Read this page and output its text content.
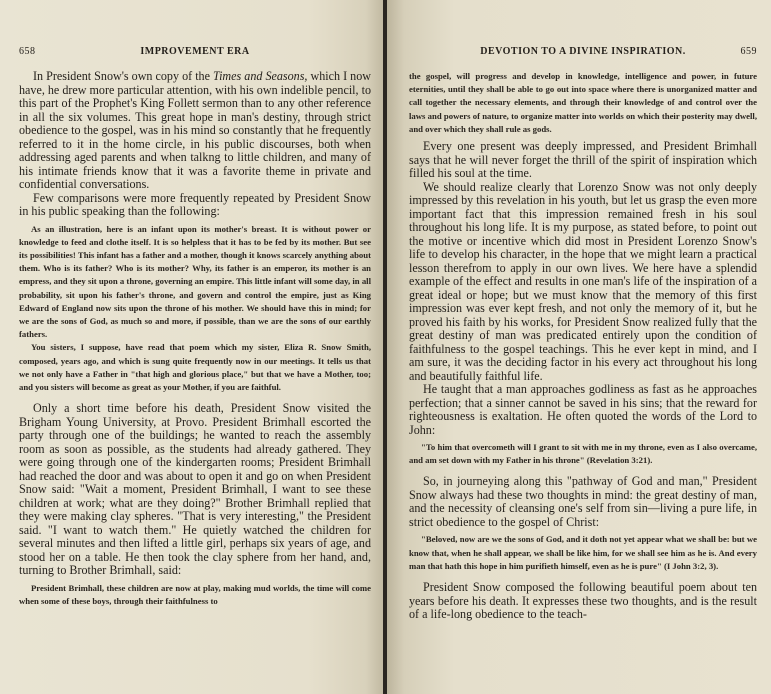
658	IMPROVEMENT ERA

In President Snow's own copy of the Times and Seasons, which I now have, he drew more particular attention, with his own indelible pencil, to this part of the Prophet's King Follett sermon than to any other reference in all the six volumes. This great hope in man's destiny, through strict obedience to the gospel, was in his mind so constantly that he frequently referred to it in the home circle, in his public discourses, both when addressing aged parents and when talkng to little children, and many of his intimate friends know that it was a favorite theme in private and confidential conversations.

Few comparisons were more frequently repeated by President Snow in his public speaking than the following:

As an illustration, here is an infant upon its mother's breast. It is without power or knowledge to feed and clothe itself. It is so helpless that it has to be fed by its mother. But see its possibilities! This infant has a father and a mother, though it knows scarcely anything about them. Who is its father? Who is its mother? Why, its father is an emperor, its mother is an empress, and they sit upon a throne, governing an empire. This little infant will some day, in all probability, sit upon his father's throne, and govern and control the empire, just as King Edward of England now sits upon the throne of his mother. We should have this in mind; for we are the sons of God, as much so and more, if possible, than we are the sons of our earthly fathers.

You sisters, I suppose, have read that poem which my sister, Eliza R. Snow Smith, composed, years ago, and which is sung quite frequently now in our meetings. It tells us that we not only have a Father in "that high and glorious place," but that we have a Mother, too; and you sisters will become as great as your Mother, if you are faithful.

Only a short time before his death, President Snow visited the Brigham Young University, at Provo. President Brimhall escorted the party through one of the buildings; he wanted to reach the assembly room as soon as possible, as the students had already gathered. They were going through one of the kindergarten rooms; President Brimhall had reached the door and was about to open it and go on when President Snow said: "Wait a moment, President Brimhall, I want to see these children at work; what are they doing?" Brother Brimhall replied that they were making clay spheres. "That is very interesting," the President said. "I want to watch them." He quietly watched the children for several minutes and then lifted a little girl, perhaps six years of age, and stood her on a table. He then took the clay sphere from her hand, and, turning to Brother Brimhall, said:

President Brimhall, these children are now at play, making mud worlds, the time will come when some of these boys, through their faithfulness to

DEVOTION TO A DIVINE INSPIRATION.	659

the gospel, will progress and develop in knowledge, intelligence and power, in future eternities, until they shall be able to go out into space where there is unorganized matter and call together the necessary elements, and through their knowledge of and control over the laws and powers of nature, to organize matter into worlds on which their posterity may dwell, and over which they shall rule as gods.

Every one present was deeply impressed, and President Brimhall says that he will never forget the thrill of the spirit of inspiration which filled his soul at the time.

We should realize clearly that Lorenzo Snow was not only deeply impressed by this revelation in his youth, but let us grasp the even more important fact that this impression remained fresh in his soul throughout his long life. It is my purpose, as stated before, to point out the motive or incentive which did most in President Lorenzo Snow's life to develop his character, in the hope that we might learn a practical lesson therefrom to apply in our own lives. We here have a splendid example of the effect and results in one man's life of the inspiration of a great ideal or hope; but we must know that the memory of this first impression was ever kept fresh, and not only the memory of it, but he proved his faith by his works, for President Snow realized fully that the great destiny of man was predicated entirely upon the condition of faithfulness to the gospel teachings. This he ever kept in mind, and I am sure, it was the deciding factor in his every act throughout his long and beautifully faithful life.

He taught that a man approaches godliness as fast as he approaches perfection; that a sinner cannot be saved in his sins; that the reward for righteousness is exaltation. He often quoted the words of the Lord to John:

"To him that overcometh will I grant to sit with me in my throne, even as I also overcame, and am set down with my Father in his throne" (Revelation 3:21).

So, in journeying along this "pathway of God and man," President Snow always had these two thoughts in mind: the great destiny of man, and the necessity of cleansing one's self from sin—living a pure life, in strict obedience to the gospel of Christ:

"Beloved, now are we the sons of God, and it doth not yet appear what we shall be: but we know that, when he shall appear, we shall be like him, for we shall see him as he is. And every man that hath this hope in him purifieth himself, even as he is pure" (I John 3:2, 3).

President Snow composed the following beautiful poem about ten years before his death. It expresses these two thoughts, and is the result of a life-long obedience to the teach-
